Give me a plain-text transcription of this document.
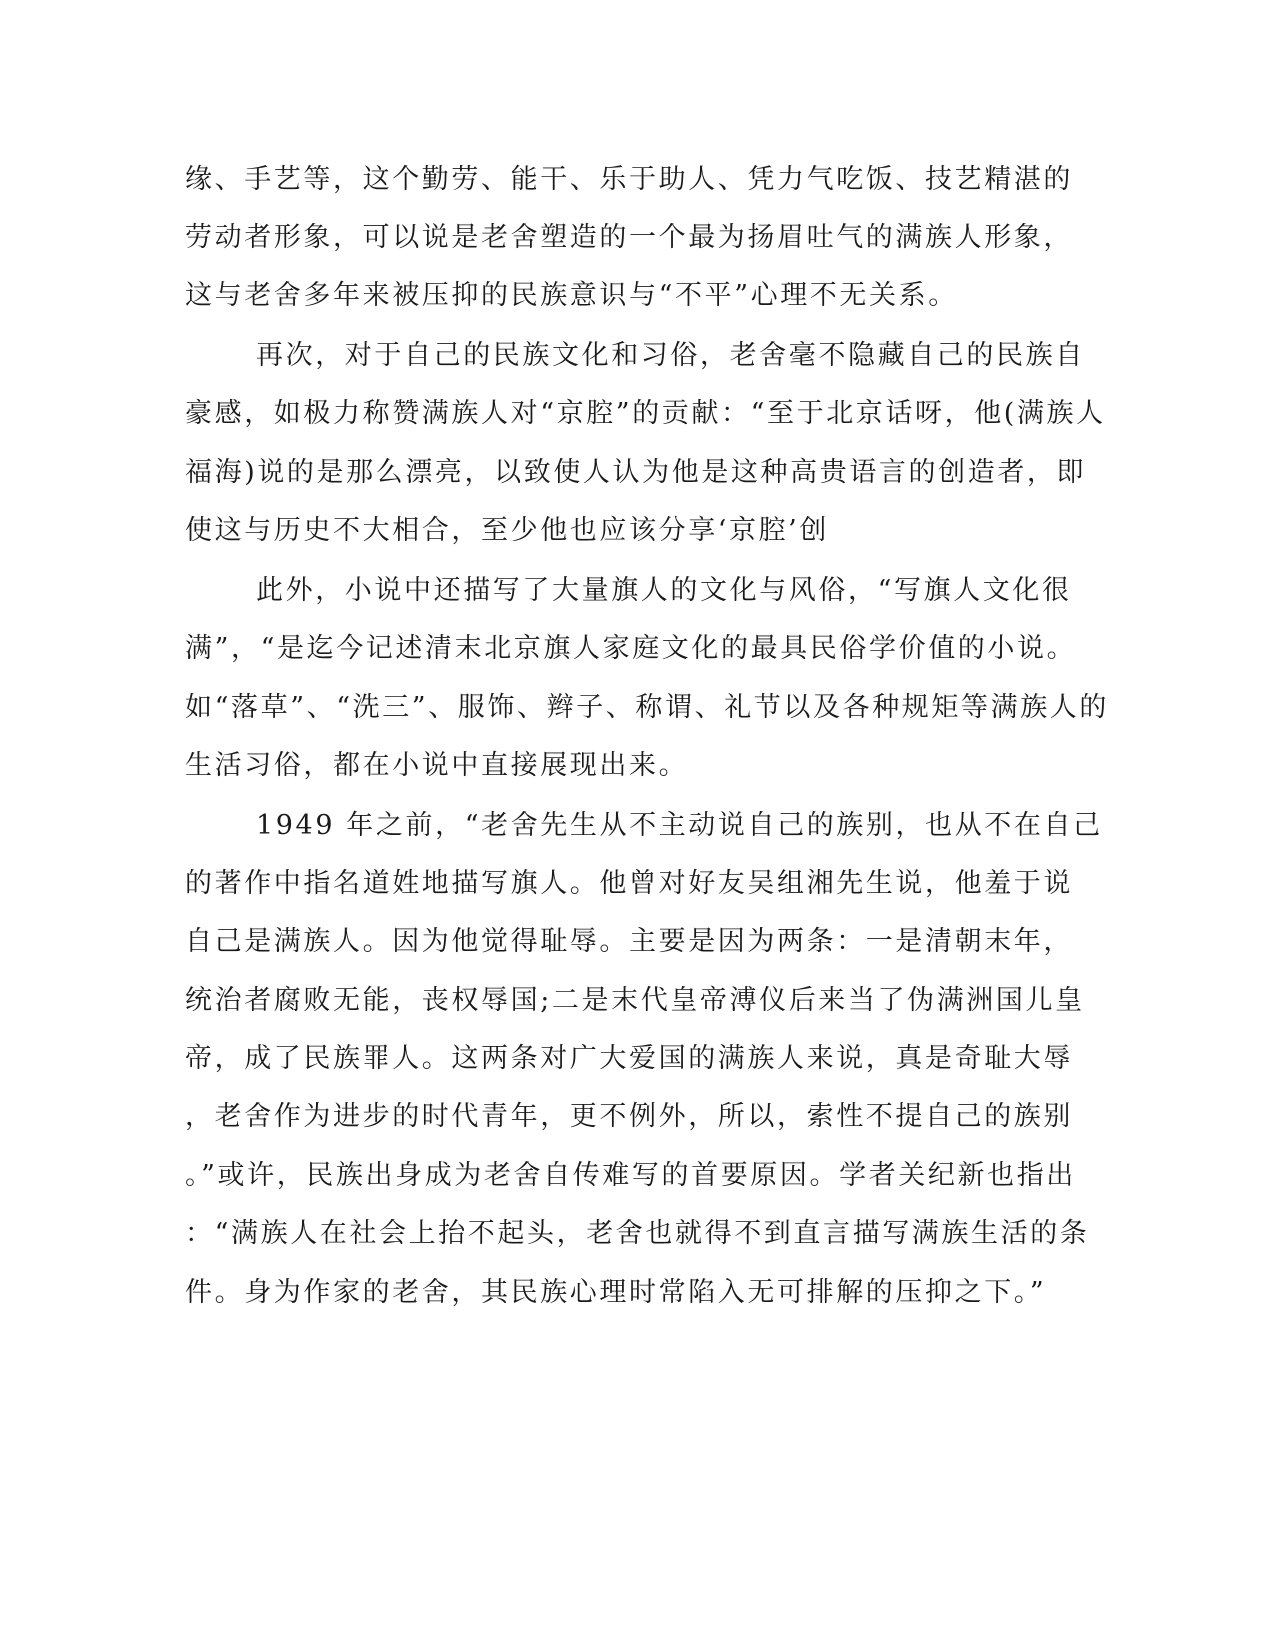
缘、手艺等，这个勤劳、能干、乐于助人、凭力气吃饭、技艺精湛的
劳动者形象，可以说是老舍塑造的一个最为扬眉吐气的满族人形象，
这与老舍多年来被压抑的民族意识与“不平”心理不无关系。
再次，对于自己的民族文化和习俗，老舍毫不隐藏自己的民族自
豪感，如极力称赞满族人对“京腔”的贡献：“至于北京话呀，他(满族人
福海)说的是那么漂亮，以致使人认为他是这种高贵语言的创造者，即
使这与历史不大相合，至少他也应该分享‘京腔’创
此外，小说中还描写了大量旗人的文化与风俗，“写旗人文化很
满”，“是迄今记述清末北京旗人家庭文化的最具民俗学价值的小说。
如“落草”、“洗三”、服饰、辫子、称谓、礼节以及各种规矩等满族人的
生活习俗，都在小说中直接展现出来。
1949 年之前，“老舍先生从不主动说自己的族别，也从不在自己
的著作中指名道姓地描写旗人。他曾对好友吴组湘先生说，他羞于说
自己是满族人。因为他觉得耻辱。主要是因为两条：一是清朝末年，
统治者腐败无能，丧权辱国;二是末代皇帝溥仪后来当了伪满洲国儿皇
帝，成了民族罪人。这两条对广大爱国的满族人来说，真是奇耻大辱
，老舍作为进步的时代青年，更不例外，所以，索性不提自己的族别
。”或许，民族出身成为老舍自传难写的首要原因。学者关纪新也指出
：“满族人在社会上抬不起头，老舍也就得不到直言描写满族生活的条
件。身为作家的老舍，其民族心理时常陷入无可排解的压抑之下。”
